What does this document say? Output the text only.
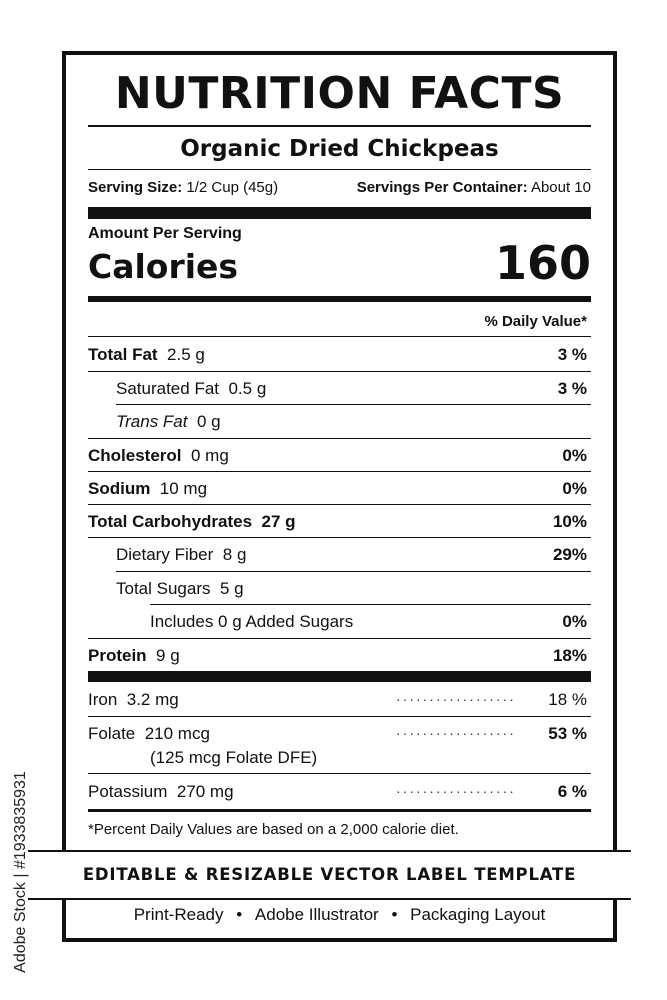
NUTRITION FACTS
Organic Dried Chickpeas
Serving Size: 1/2 Cup (45g)	Servings Per Container: About 10
Amount Per Serving
Calories	160
% Daily Value*
Total Fat 2.5 g	3 %
Saturated Fat 0.5 g	3 %
Trans Fat 0 g
Cholesterol 0 mg	0%
Sodium 10 mg	0%
Total Carbohydrates 27 g	10%
Dietary Fiber 8 g	29%
Total Sugars 5 g
Includes 0 g Added Sugars	0%
Protein 9 g	18%
Iron 3.2 mg	18 %
··················
Folate 210 mcg	53 %
··················
(125 mcg Folate DFE)
Potassium 270 mg	6 %
··················
*Percent Daily Values are based on a 2,000 calorie diet.
EDITABLE & RESIZABLE VECTOR LABEL TEMPLATE
Print-Ready • Adobe Illustrator • Packaging Layout
Adobe Stock | #1933835931
